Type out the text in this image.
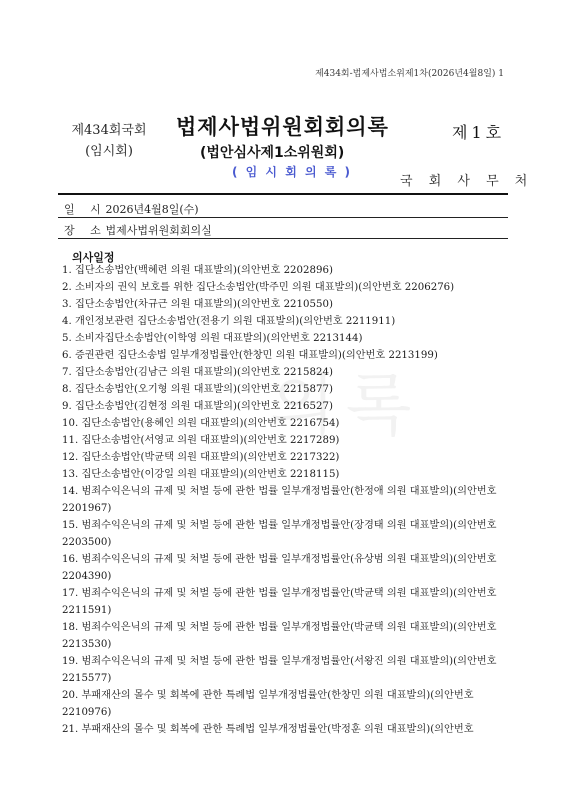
제434회-법제사법소위제1차(2026년4월8일) 1
의록
제434회국회
(임시회)
법제사법위원회회의록
(법안심사제1소위원회)
( 임 시 회 의 록 )
제1호
국 회 사 무 처
일 시 2026년4월8일(수)
장 소 법제사법위원회회의실
의사일정
1. 집단소송법안(백혜련 의원 대표발의)(의안번호 2202896)
2. 소비자의 권익 보호를 위한 집단소송법안(박주민 의원 대표발의)(의안번호 2206276)
3. 집단소송법안(차규근 의원 대표발의)(의안번호 2210550)
4. 개인정보관련 집단소송법안(전용기 의원 대표발의)(의안번호 2211911)
5. 소비자집단소송법안(이학영 의원 대표발의)(의안번호 2213144)
6. 증권관련 집단소송법 일부개정법률안(한창민 의원 대표발의)(의안번호 2213199)
7. 집단소송법안(김남근 의원 대표발의)(의안번호 2215824)
8. 집단소송법안(오기형 의원 대표발의)(의안번호 2215877)
9. 집단소송법안(김현정 의원 대표발의)(의안번호 2216527)
10. 집단소송법안(용혜인 의원 대표발의)(의안번호 2216754)
11. 집단소송법안(서영교 의원 대표발의)(의안번호 2217289)
12. 집단소송법안(박균택 의원 대표발의)(의안번호 2217322)
13. 집단소송법안(이강일 의원 대표발의)(의안번호 2218115)
14. 범죄수익은닉의 규제 및 처벌 등에 관한 법률 일부개정법률안(한정애 의원 대표발의)(의안번호 2201967)
15. 범죄수익은닉의 규제 및 처벌 등에 관한 법률 일부개정법률안(장경태 의원 대표발의)(의안번호 2203500)
16. 범죄수익은닉의 규제 및 처벌 등에 관한 법률 일부개정법률안(유상범 의원 대표발의)(의안번호 2204390)
17. 범죄수익은닉의 규제 및 처벌 등에 관한 법률 일부개정법률안(박균택 의원 대표발의)(의안번호 2211591)
18. 범죄수익은닉의 규제 및 처벌 등에 관한 법률 일부개정법률안(박균택 의원 대표발의)(의안번호 2213530)
19. 범죄수익은닉의 규제 및 처벌 등에 관한 법률 일부개정법률안(서왕진 의원 대표발의)(의안번호 2215577)
20. 부패재산의 몰수 및 회복에 관한 특례법 일부개정법률안(한창민 의원 대표발의)(의안번호 2210976)
21. 부패재산의 몰수 및 회복에 관한 특례법 일부개정법률안(박정훈 의원 대표발의)(의안번호
